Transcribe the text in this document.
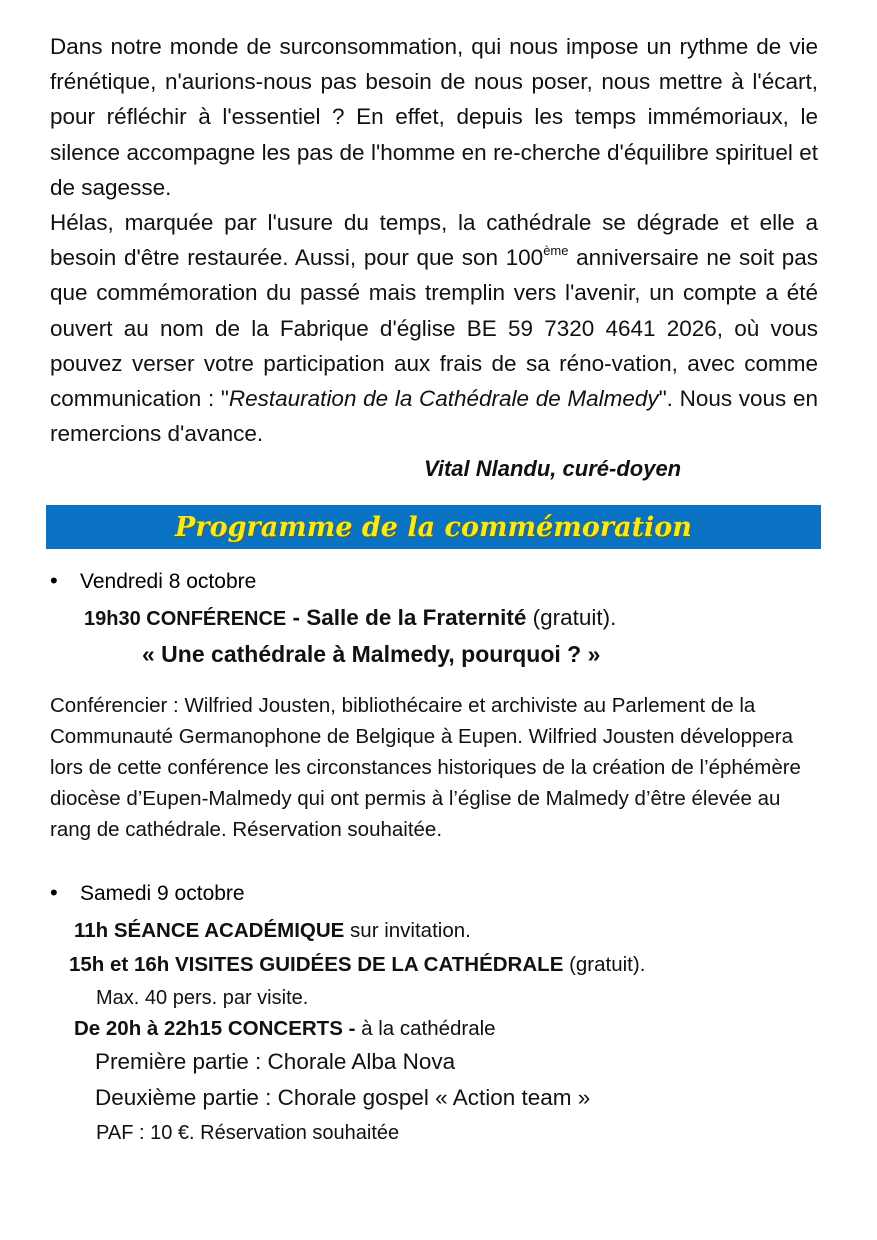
Dans notre monde de surconsommation, qui nous impose un rythme de vie frénétique, n'aurions-nous pas besoin de nous poser, nous mettre à l'écart, pour réfléchir à l'essentiel ? En effet, depuis les temps immémoriaux, le silence accompagne les pas de l'homme en re-cherche d'équilibre spirituel et de sagesse.

Hélas, marquée par l'usure du temps, la cathédrale se dégrade et elle a besoin d'être restaurée. Aussi, pour que son 100ème anniversaire ne soit pas que commémoration du passé mais tremplin vers l'avenir, un compte a été ouvert au nom de la Fabrique d'église BE 59 7320 4641 2026, où vous pouvez verser votre participation aux frais de sa réno-vation, avec comme communication : "Restauration de la Cathédrale de Malmedy". Nous vous en remercions d'avance.

Vital Nlandu, curé-doyen
Programme de la commémoration
• Vendredi 8 octobre
19h30 CONFÉRENCE - Salle de la Fraternité (gratuit).
« Une cathédrale à Malmedy, pourquoi ? »

Conférencier : Wilfried Jousten, bibliothécaire et archiviste au Parlement de la Communauté Germanophone de Belgique à Eupen. Wilfried Jousten développera lors de cette conférence les circonstances historiques de la création de l’éphémère diocèse d’Eupen-Malmedy qui ont permis à l’église de Malmedy d’être élevée au rang de cathédrale. Réservation souhaitée.

• Samedi 9 octobre
11h SÉANCE ACADÉMIQUE sur invitation.
15h et 16h VISITES GUIDÉES DE LA CATHÉDRALE (gratuit).
Max. 40 pers. par visite.
De 20h à 22h15 CONCERTS - à la cathédrale
Première partie : Chorale Alba Nova
Deuxième partie : Chorale gospel « Action team »
PAF : 10 €. Réservation souhaitée
